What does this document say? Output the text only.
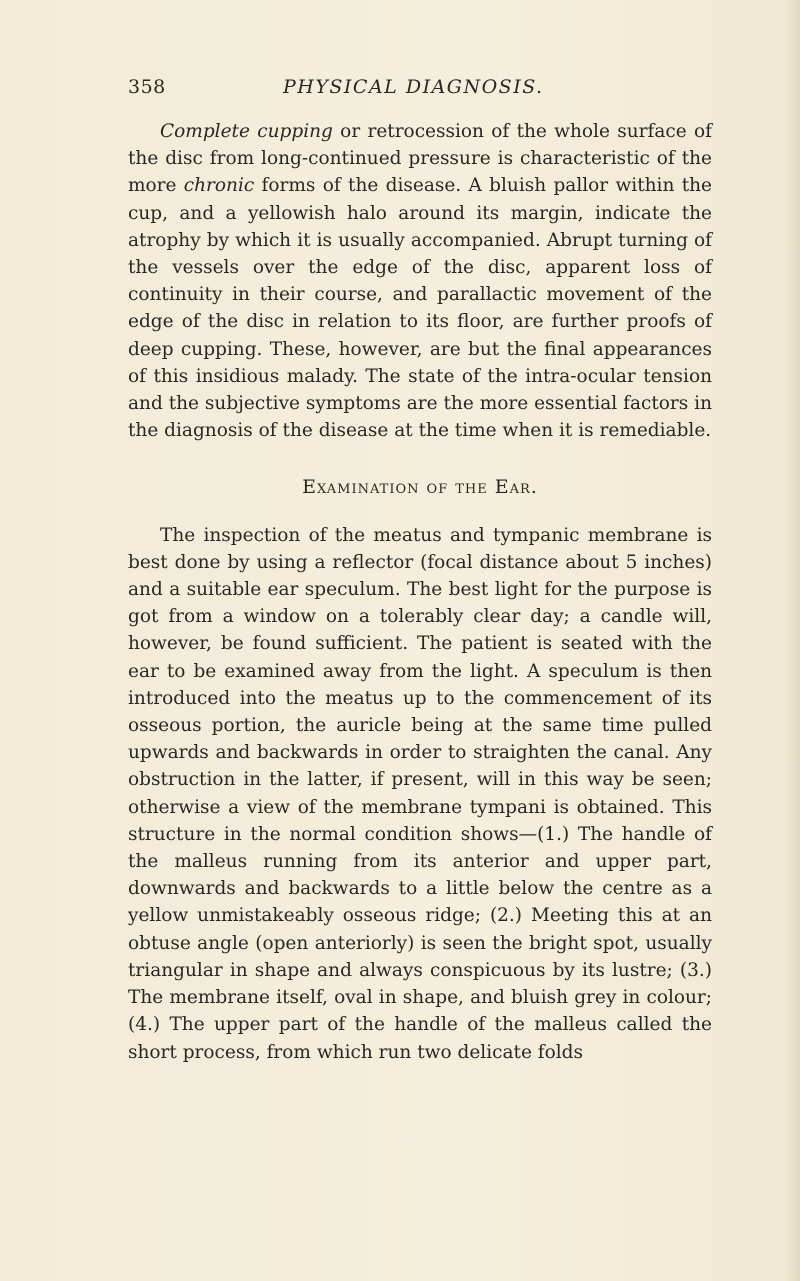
358	PHYSICAL DIAGNOSIS.

Complete cupping or retrocession of the whole surface of the disc from long-continued pressure is characteristic of the more chronic forms of the disease. A bluish pallor within the cup, and a yellowish halo around its margin, indicate the atrophy by which it is usually accompanied. Abrupt turning of the vessels over the edge of the disc, apparent loss of continuity in their course, and parallactic movement of the edge of the disc in relation to its floor, are further proofs of deep cupping. These, however, are but the final appearances of this insidious malady. The state of the intra-ocular tension and the subjective symptoms are the more essential factors in the diagnosis of the disease at the time when it is remediable.

Examination of the Ear.

The inspection of the meatus and tympanic membrane is best done by using a reflector (focal distance about 5 inches) and a suitable ear speculum. The best light for the purpose is got from a window on a tolerably clear day; a candle will, however, be found sufficient. The patient is seated with the ear to be examined away from the light. A speculum is then introduced into the meatus up to the commencement of its osseous portion, the auricle being at the same time pulled upwards and backwards in order to straighten the canal. Any obstruction in the latter, if present, will in this way be seen; otherwise a view of the membrane tympani is obtained. This structure in the normal condition shows—(1.) The handle of the malleus running from its anterior and upper part, downwards and backwards to a little below the centre as a yellow unmistakeably osseous ridge; (2.) Meeting this at an obtuse angle (open anteriorly) is seen the bright spot, usually triangular in shape and always conspicuous by its lustre; (3.) The membrane itself, oval in shape, and bluish grey in colour; (4.) The upper part of the handle of the malleus called the short process, from which run two delicate folds
